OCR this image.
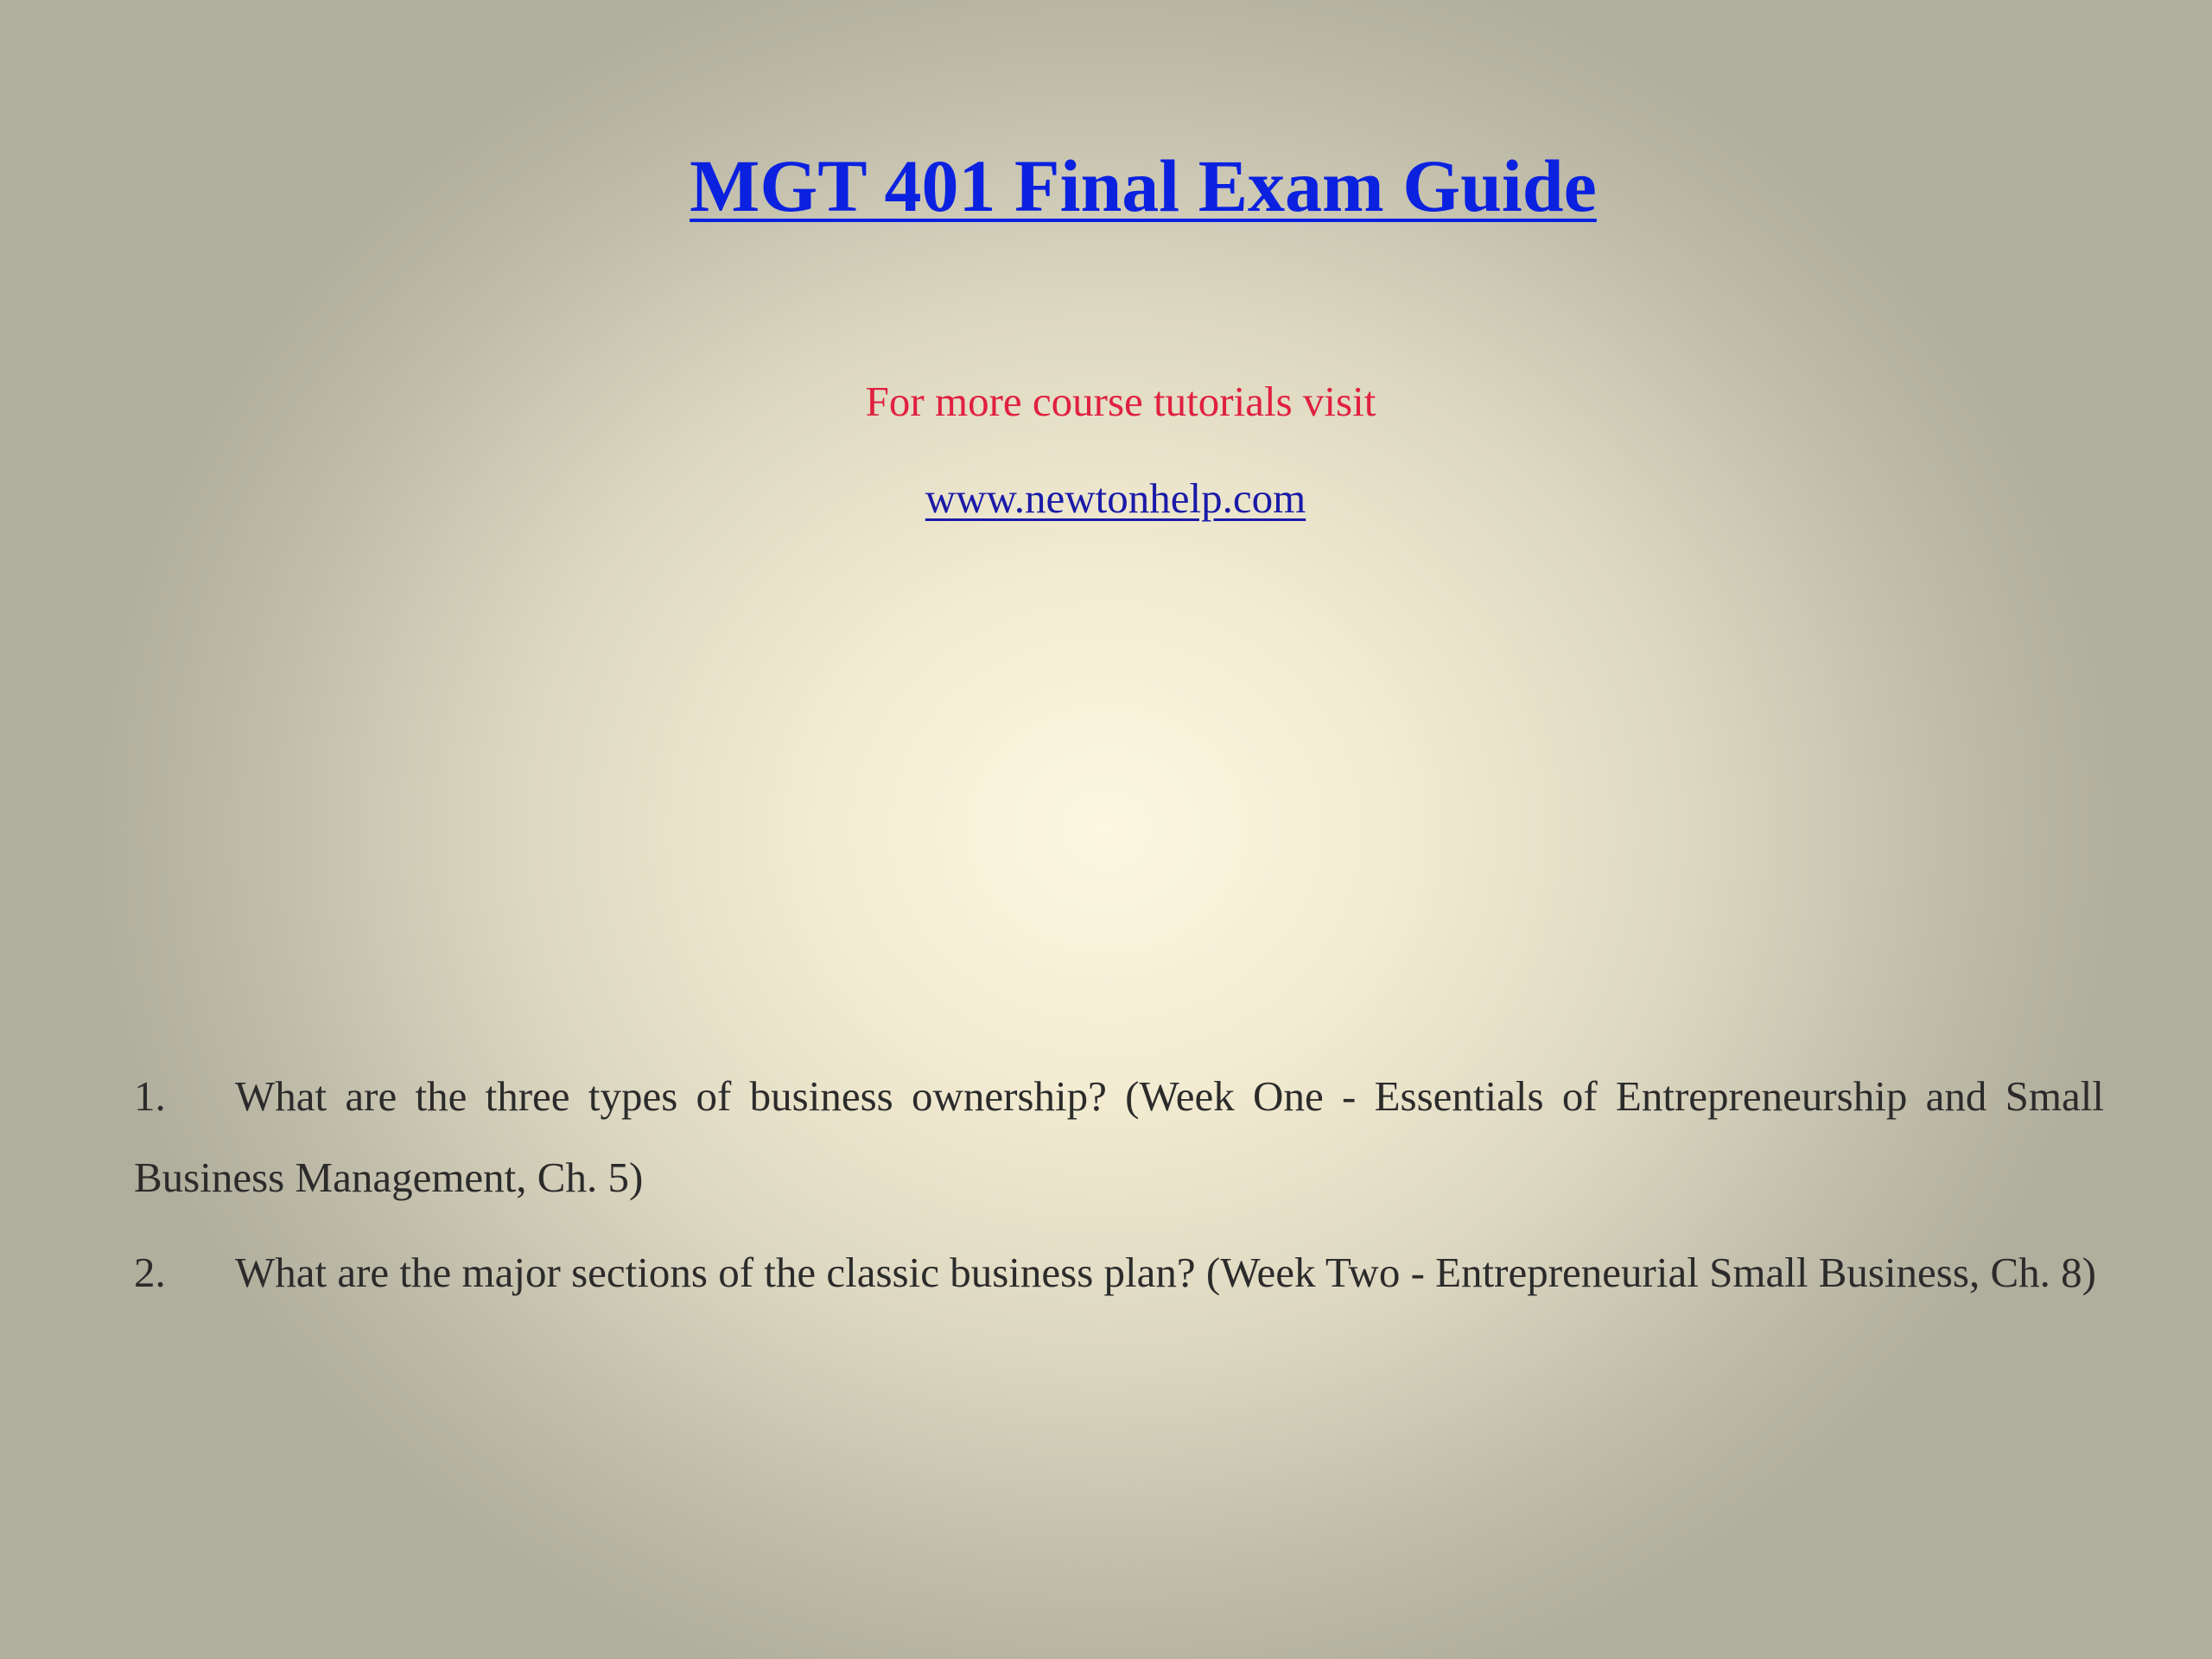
MGT 401 Final Exam Guide
For more course tutorials visit
www.newtonhelp.com

1. What are the three types of business ownership? (Week One - Essentials of Entrepreneurship and Small Business Management, Ch. 5)

2. What are the major sections of the classic business plan? (Week Two - Entrepreneurial Small Business, Ch. 8)
